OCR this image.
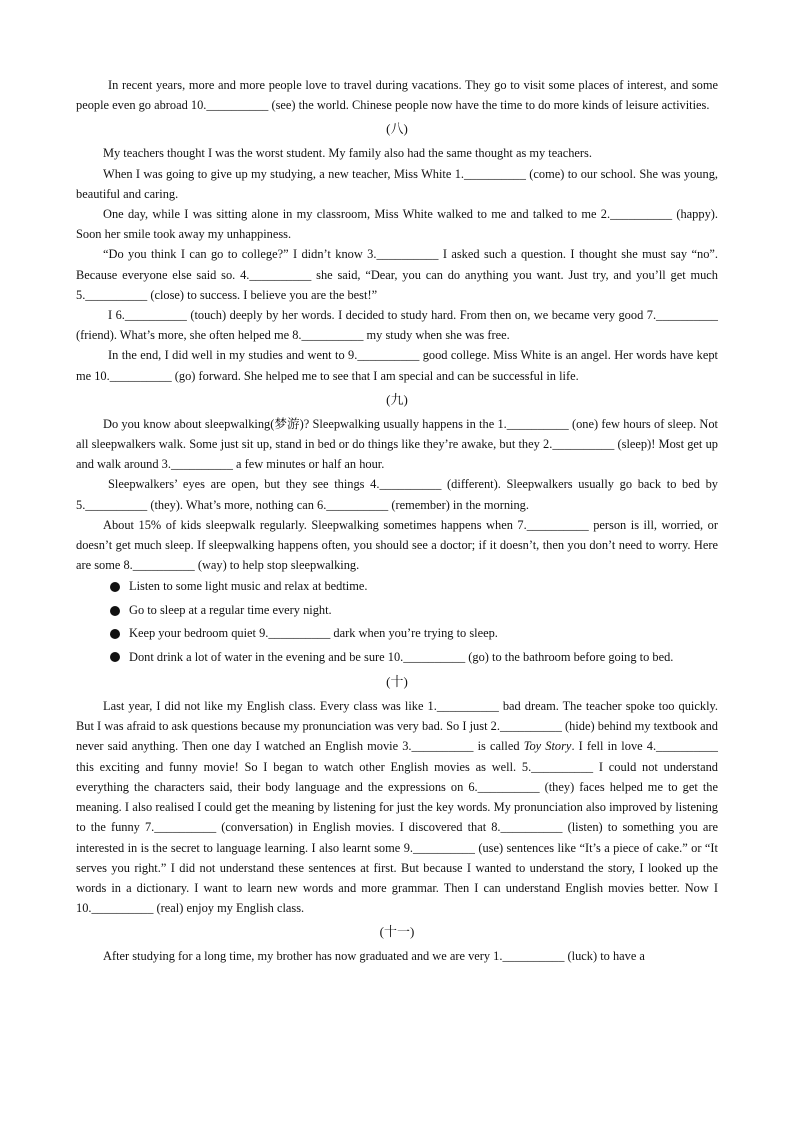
In recent years, more and more people love to travel during vacations. They go to visit some places of interest, and some people even go abroad 10.__________ (see) the world. Chinese people now have the time to do more kinds of leisure activities.

(八)

My teachers thought I was the worst student. My family also had the same thought as my teachers.

When I was going to give up my studying, a new teacher, Miss White 1.__________ (come) to our school. She was young, beautiful and caring.

One day, while I was sitting alone in my classroom, Miss White walked to me and talked to me 2.__________ (happy). Soon her smile took away my unhappiness.

“Do you think I can go to college?” I didn’t know 3.__________ I asked such a question. I thought she must say “no”. Because everyone else said so. 4.__________ she said, “Dear, you can do anything you want. Just try, and you’ll get much 5.__________ (close) to success. I believe you are the best!”

I 6.__________ (touch) deeply by her words. I decided to study hard. From then on, we became very good 7.__________ (friend). What’s more, she often helped me 8.__________ my study when she was free.

In the end, I did well in my studies and went to 9.__________ good college. Miss White is an angel. Her words have kept me 10.__________ (go) forward. She helped me to see that I am special and can be successful in life.

(九)

Do you know about sleepwalking(梦游)? Sleepwalking usually happens in the 1.__________ (one) few hours of sleep. Not all sleepwalkers walk. Some just sit up, stand in bed or do things like they’re awake, but they 2.__________ (sleep)! Most get up and walk around 3.__________ a few minutes or half an hour.

Sleepwalkers’ eyes are open, but they see things 4.__________ (different). Sleepwalkers usually go back to bed by 5.__________ (they). What’s more, nothing can 6.__________ (remember) in the morning.

About 15% of kids sleepwalk regularly. Sleepwalking sometimes happens when 7.__________ person is ill, worried, or doesn’t get much sleep. If sleepwalking happens often, you should see a doctor; if it doesn’t, then you don’t need to worry. Here are some 8.__________ (way) to help stop sleepwalking.

Listen to some light music and relax at bedtime.

Go to sleep at a regular time every night.

Keep your bedroom quiet 9.__________ dark when you’re trying to sleep.

Dont drink a lot of water in the evening and be sure 10.__________ (go) to the bathroom before going to bed.

(十)

Last year, I did not like my English class. Every class was like 1.__________ bad dream. The teacher spoke too quickly. But I was afraid to ask questions because my pronunciation was very bad. So I just 2.__________ (hide) behind my textbook and never said anything. Then one day I watched an English movie 3.__________ is called Toy Story. I fell in love 4.__________ this exciting and funny movie! So I began to watch other English movies as well. 5.__________ I could not understand everything the characters said, their body language and the expressions on 6.__________ (they) faces helped me to get the meaning. I also realised I could get the meaning by listening for just the key words. My pronunciation also improved by listening to the funny 7.__________ (conversation) in English movies. I discovered that 8.__________ (listen) to something you are interested in is the secret to language learning. I also learnt some 9.__________ (use) sentences like “It’s a piece of cake.” or “It serves you right.” I did not understand these sentences at first. But because I wanted to understand the story, I looked up the words in a dictionary. I want to learn new words and more grammar. Then I can understand English movies better. Now I 10.__________ (real) enjoy my English class.

(十一)

After studying for a long time, my brother has now graduated and we are very 1.__________ (luck) to have a
